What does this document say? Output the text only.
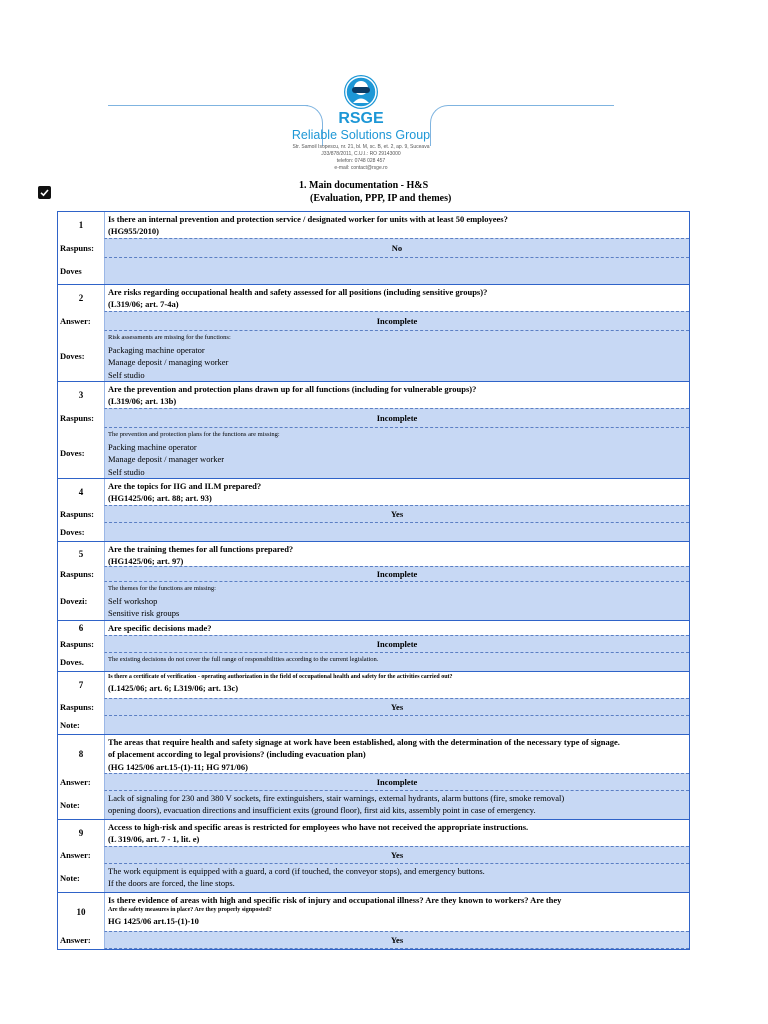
RSGE
Reliable Solutions Group
Str. Samoil Isopescu, nr. 21, bl. M, sc. B, et. 2, ap. 9, Suceava
J33/878/2011, C.U.I.: RO 29143000
telefon: 0748 028 457
e-mail: contact@rsge.ro
1. Main documentation - H&S
(Evaluation, PPP, IP and themes)
1
Is there an internal prevention and protection service / designated worker for units with at least 50 employees?
(HG955/2010)
Raspuns:	No
Doves
2
Are risks regarding occupational health and safety assessed for all positions (including sensitive groups)?
(L319/06; art. 7-4a)
Answer:	Incomplete
Doves:
Risk assessments are missing for the functions:
Packaging machine operator
Manage deposit / managing worker
Self studio
3
Are the prevention and protection plans drawn up for all functions (including for vulnerable groups)?
(L319/06; art. 13b)
Raspuns:	Incomplete
Doves:
The prevention and protection plans for the functions are missing:
Packing machine operator
Manage deposit / manager worker
Self studio
4
Are the topics for IIG and ILM prepared?
(HG1425/06; art. 88; art. 93)
Raspuns:	Yes
Doves:
5	Are the training themes for all functions prepared?
(HG1425/06; art. 97)
Raspuns:	Incomplete
Dovezi:
The themes for the functions are missing:
Self workshop
Sensitive risk groups
6	Are specific decisions made?
Raspuns:	Incomplete
Doves.	The existing decisions do not cover the full range of responsibilities according to the current legislation.
7
Is there a certificate of verification - operating authorization in the field of occupational health and safety for the activities carried out?
(L1425/06; art. 6; L319/06; art. 13c)
Raspuns:	Yes
Note:
8
The areas that require health and safety signage at work have been established, along with the determination of the necessary type of signage.
of placement according to legal provisions? (including evacuation plan)
(HG 1425/06 art.15-(1)-11; HG 971/06)
Answer:	Incomplete
Note:
Lack of signaling for 230 and 380 V sockets, fire extinguishers, stair warnings, external hydrants, alarm buttons (fire, smoke removal)
opening doors), evacuation directions and insufficient exits (ground floor), first aid kits, assembly point in case of emergency.
9
Access to high-risk and specific areas is restricted for employees who have not received the appropriate instructions.
(L 319/06, art. 7 - 1, lit. e)
Answer:	Yes
Note:
The work equipment is equipped with a guard, a cord (if touched, the conveyor stops), and emergency buttons.
If the doors are forced, the line stops.
10
Is there evidence of areas with high and specific risk of injury and occupational illness? Are they known to workers? Are they
Are the safety measures in place? Are they properly signposted?
HG 1425/06 art.15-(1)-10
Answer:	Yes
